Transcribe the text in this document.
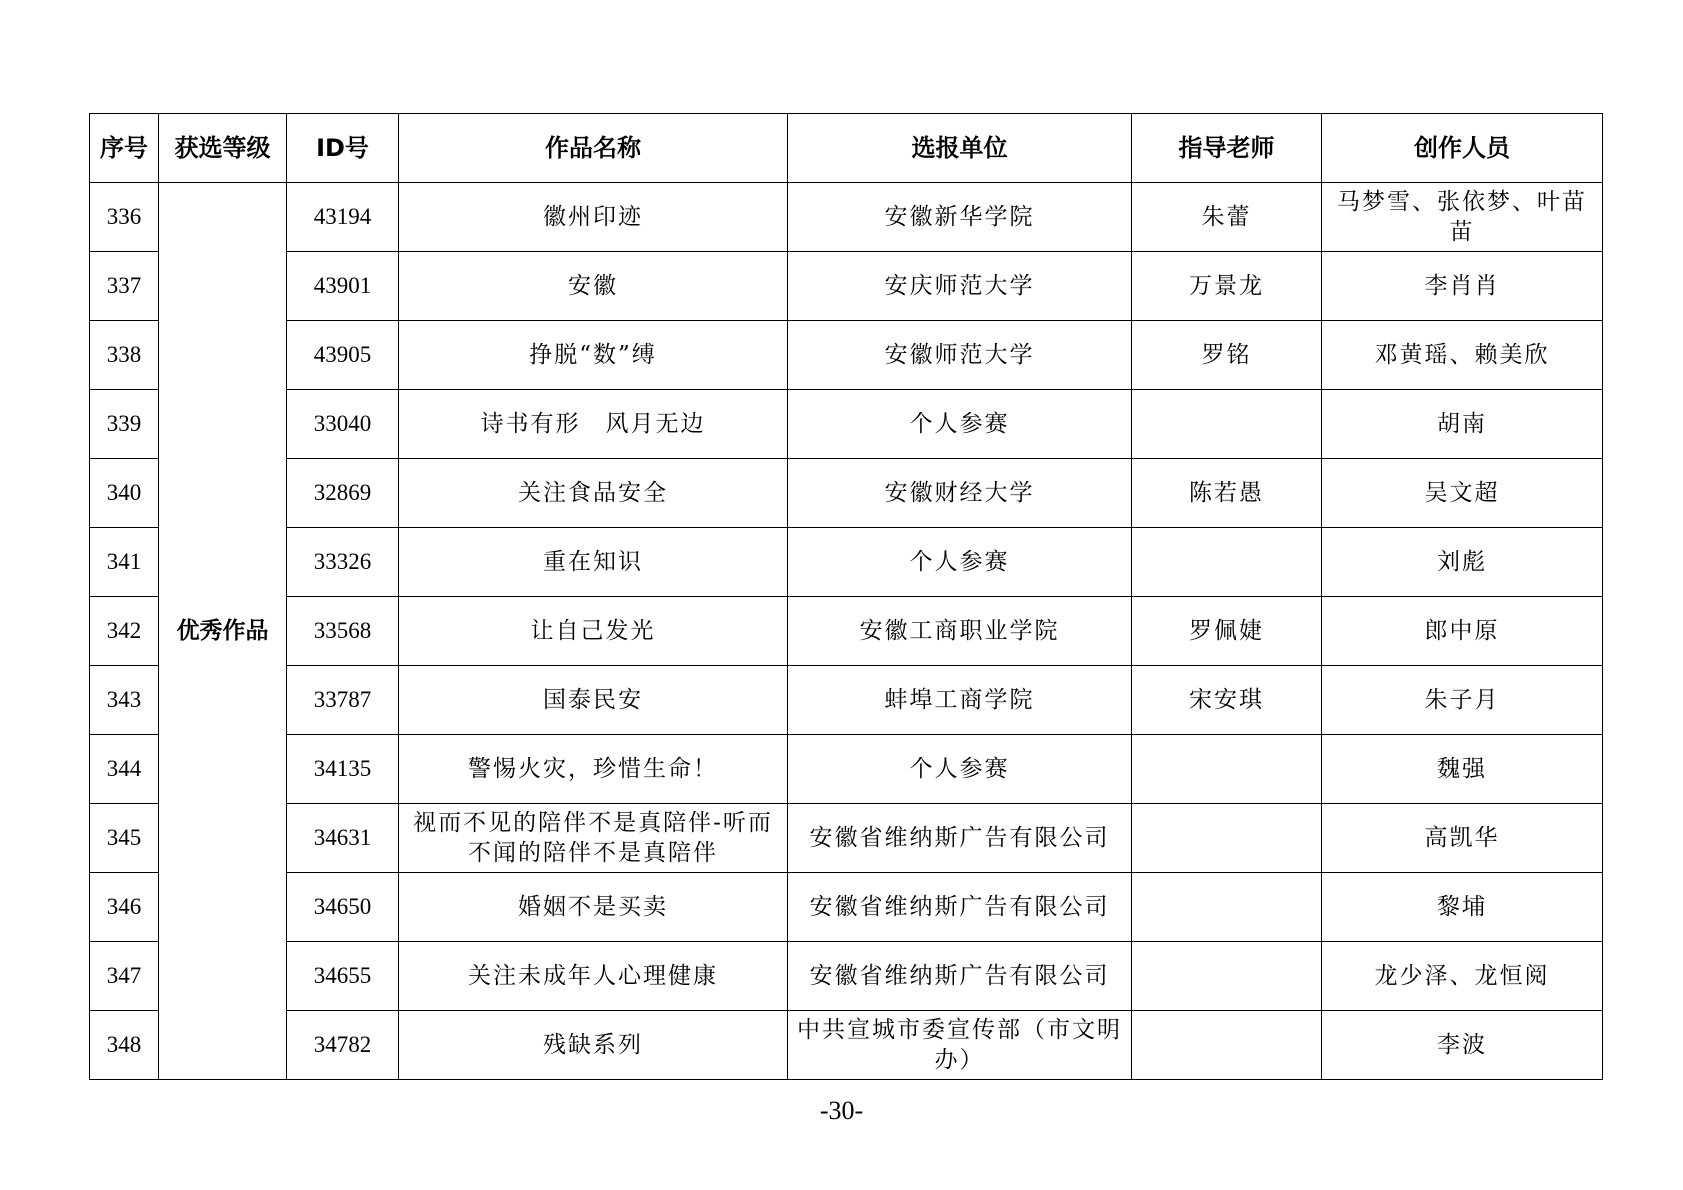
序号	获选等级	ID号	作品名称	选报单位	指导老师	创作人员
336	优秀作品	43194	徽州印迹	安徽新华学院	朱蕾	马梦雪、张依梦、叶苗苗
337		43901	安徽	安庆师范大学	万景龙	李肖肖
338		43905	挣脱“数”缚	安徽师范大学	罗铭	邓黄瑶、赖美欣
339		33040	诗书有形　风月无边	个人参赛		胡南
340		32869	关注食品安全	安徽财经大学	陈若愚	吴文超
341		33326	重在知识	个人参赛		刘彪
342		33568	让自己发光	安徽工商职业学院	罗佩婕	郎中原
343		33787	国泰民安	蚌埠工商学院	宋安琪	朱子月
344		34135	警惕火灾，珍惜生命！	个人参赛		魏强
345		34631	视而不见的陪伴不是真陪伴-听而不闻的陪伴不是真陪伴	安徽省维纳斯广告有限公司		高凯华
346		34650	婚姻不是买卖	安徽省维纳斯广告有限公司		黎埔
347		34655	关注未成年人心理健康	安徽省维纳斯广告有限公司		龙少泽、龙恒阅
348		34782	残缺系列	中共宣城市委宣传部（市文明办）		李波
-30-
